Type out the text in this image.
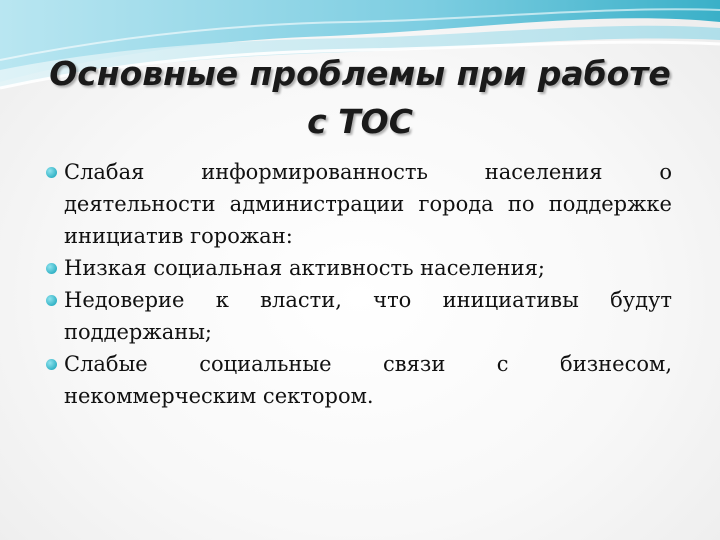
Основные проблемы при работе с ТОС
Слабая информированность населения о деятельности администрации города по поддержке инициатив горожан:
Низкая социальная активность населения;
Недоверие к власти, что инициативы будут поддержаны;
Слабые социальные связи с бизнесом, некоммерческим сектором.
